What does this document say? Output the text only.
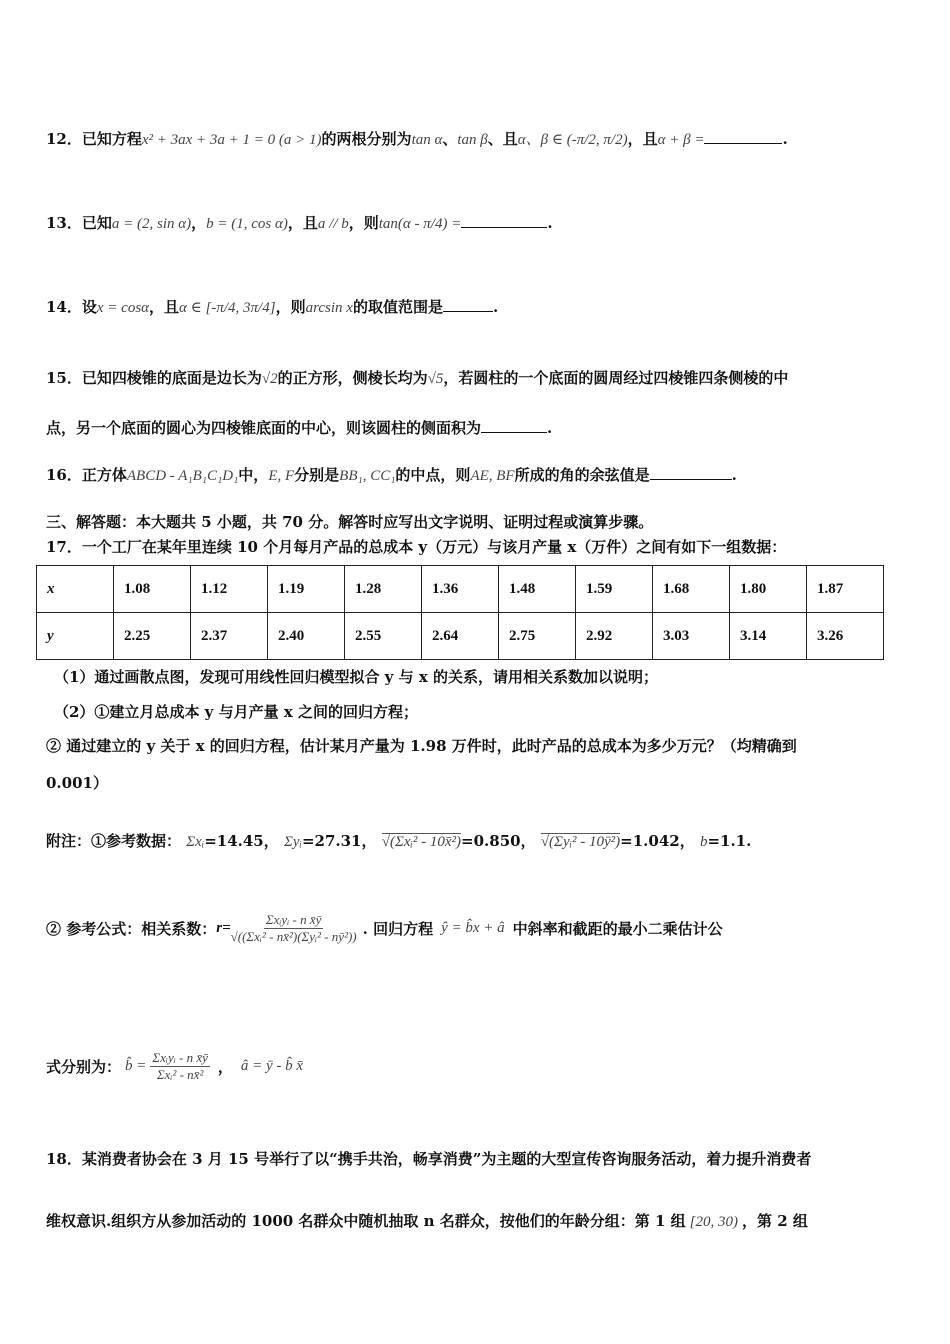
12．已知方程x² + 3ax + 3a + 1 = 0 (a > 1)的两根分别为tan α、tan β、且α、β ∈ (-π/2, π/2)，且α + β =	.
13．已知a = (2, sin α)，b = (1, cos α)，且a // b，则tan(α - π/4) =	.
14．设x = cosα，且α ∈ [-π/4, 3π/4]，则arcsin x的取值范围是	.
15．已知四棱锥的底面是边长为√2的正方形，侧棱长均为√5，若圆柱的一个底面的圆周经过四棱锥四条侧棱的中
点，另一个底面的圆心为四棱锥底面的中心，则该圆柱的侧面积为	.
16．正方体ABCD - A₁B₁C₁D₁中，E, F分别是BB₁, CC₁的中点，则AE, BF所成的角的余弦值是	.
三、解答题：本大题共 5 小题，共 70 分。解答时应写出文字说明、证明过程或演算步骤。
17．一个工厂在某年里连续 10 个月每月产品的总成本 y（万元）与该月产量 x（万件）之间有如下一组数据：
x	1.08	1.12	1.19	1.28	1.36	1.48	1.59	1.68	1.80	1.87
y	2.25	2.37	2.40	2.55	2.64	2.75	2.92	3.03	3.14	3.26
（1）通过画散点图，发现可用线性回归模型拟合 y 与 x 的关系，请用相关系数加以说明；
（2）①建立月总成本 y 与月产量 x 之间的回归方程；
② 通过建立的 y 关于 x 的回归方程，估计某月产量为 1.98 万件时，此时产品的总成本为多少万元？（均精确到
0.001）
附注：①参考数据： Σxᵢ=14.45， Σyᵢ=27.31， √(Σxᵢ² - 10x̄²)=0.850， √(Σyᵢ² - 10ȳ²)=1.042， b=1.1.
② 参考公式：相关系数： $r= \frac{\text{Σxᵢyᵢ - n x̄ȳ}}{\text{√((Σxᵢ² - nx̄²)(Σyᵢ² - nȳ²))}}$ . 回归方程 ŷ = b̂x + â 中斜率和截距的最小二乘估计公
式分别为： b̂ = $\frac{\text{Σxᵢyᵢ - n x̄ȳ}}{\text{Σxᵢ² - nx̄²}}$ ， â = ȳ - b̂ x̄
18．某消费者协会在 3 月 15 号举行了以“携手共治，畅享消费”为主题的大型宣传咨询服务活动，着力提升消费者
维权意识.组织方从参加活动的 1000 名群众中随机抽取 n 名群众，按他们的年龄分组：第 1 组 [20, 30) ，第 2 组
